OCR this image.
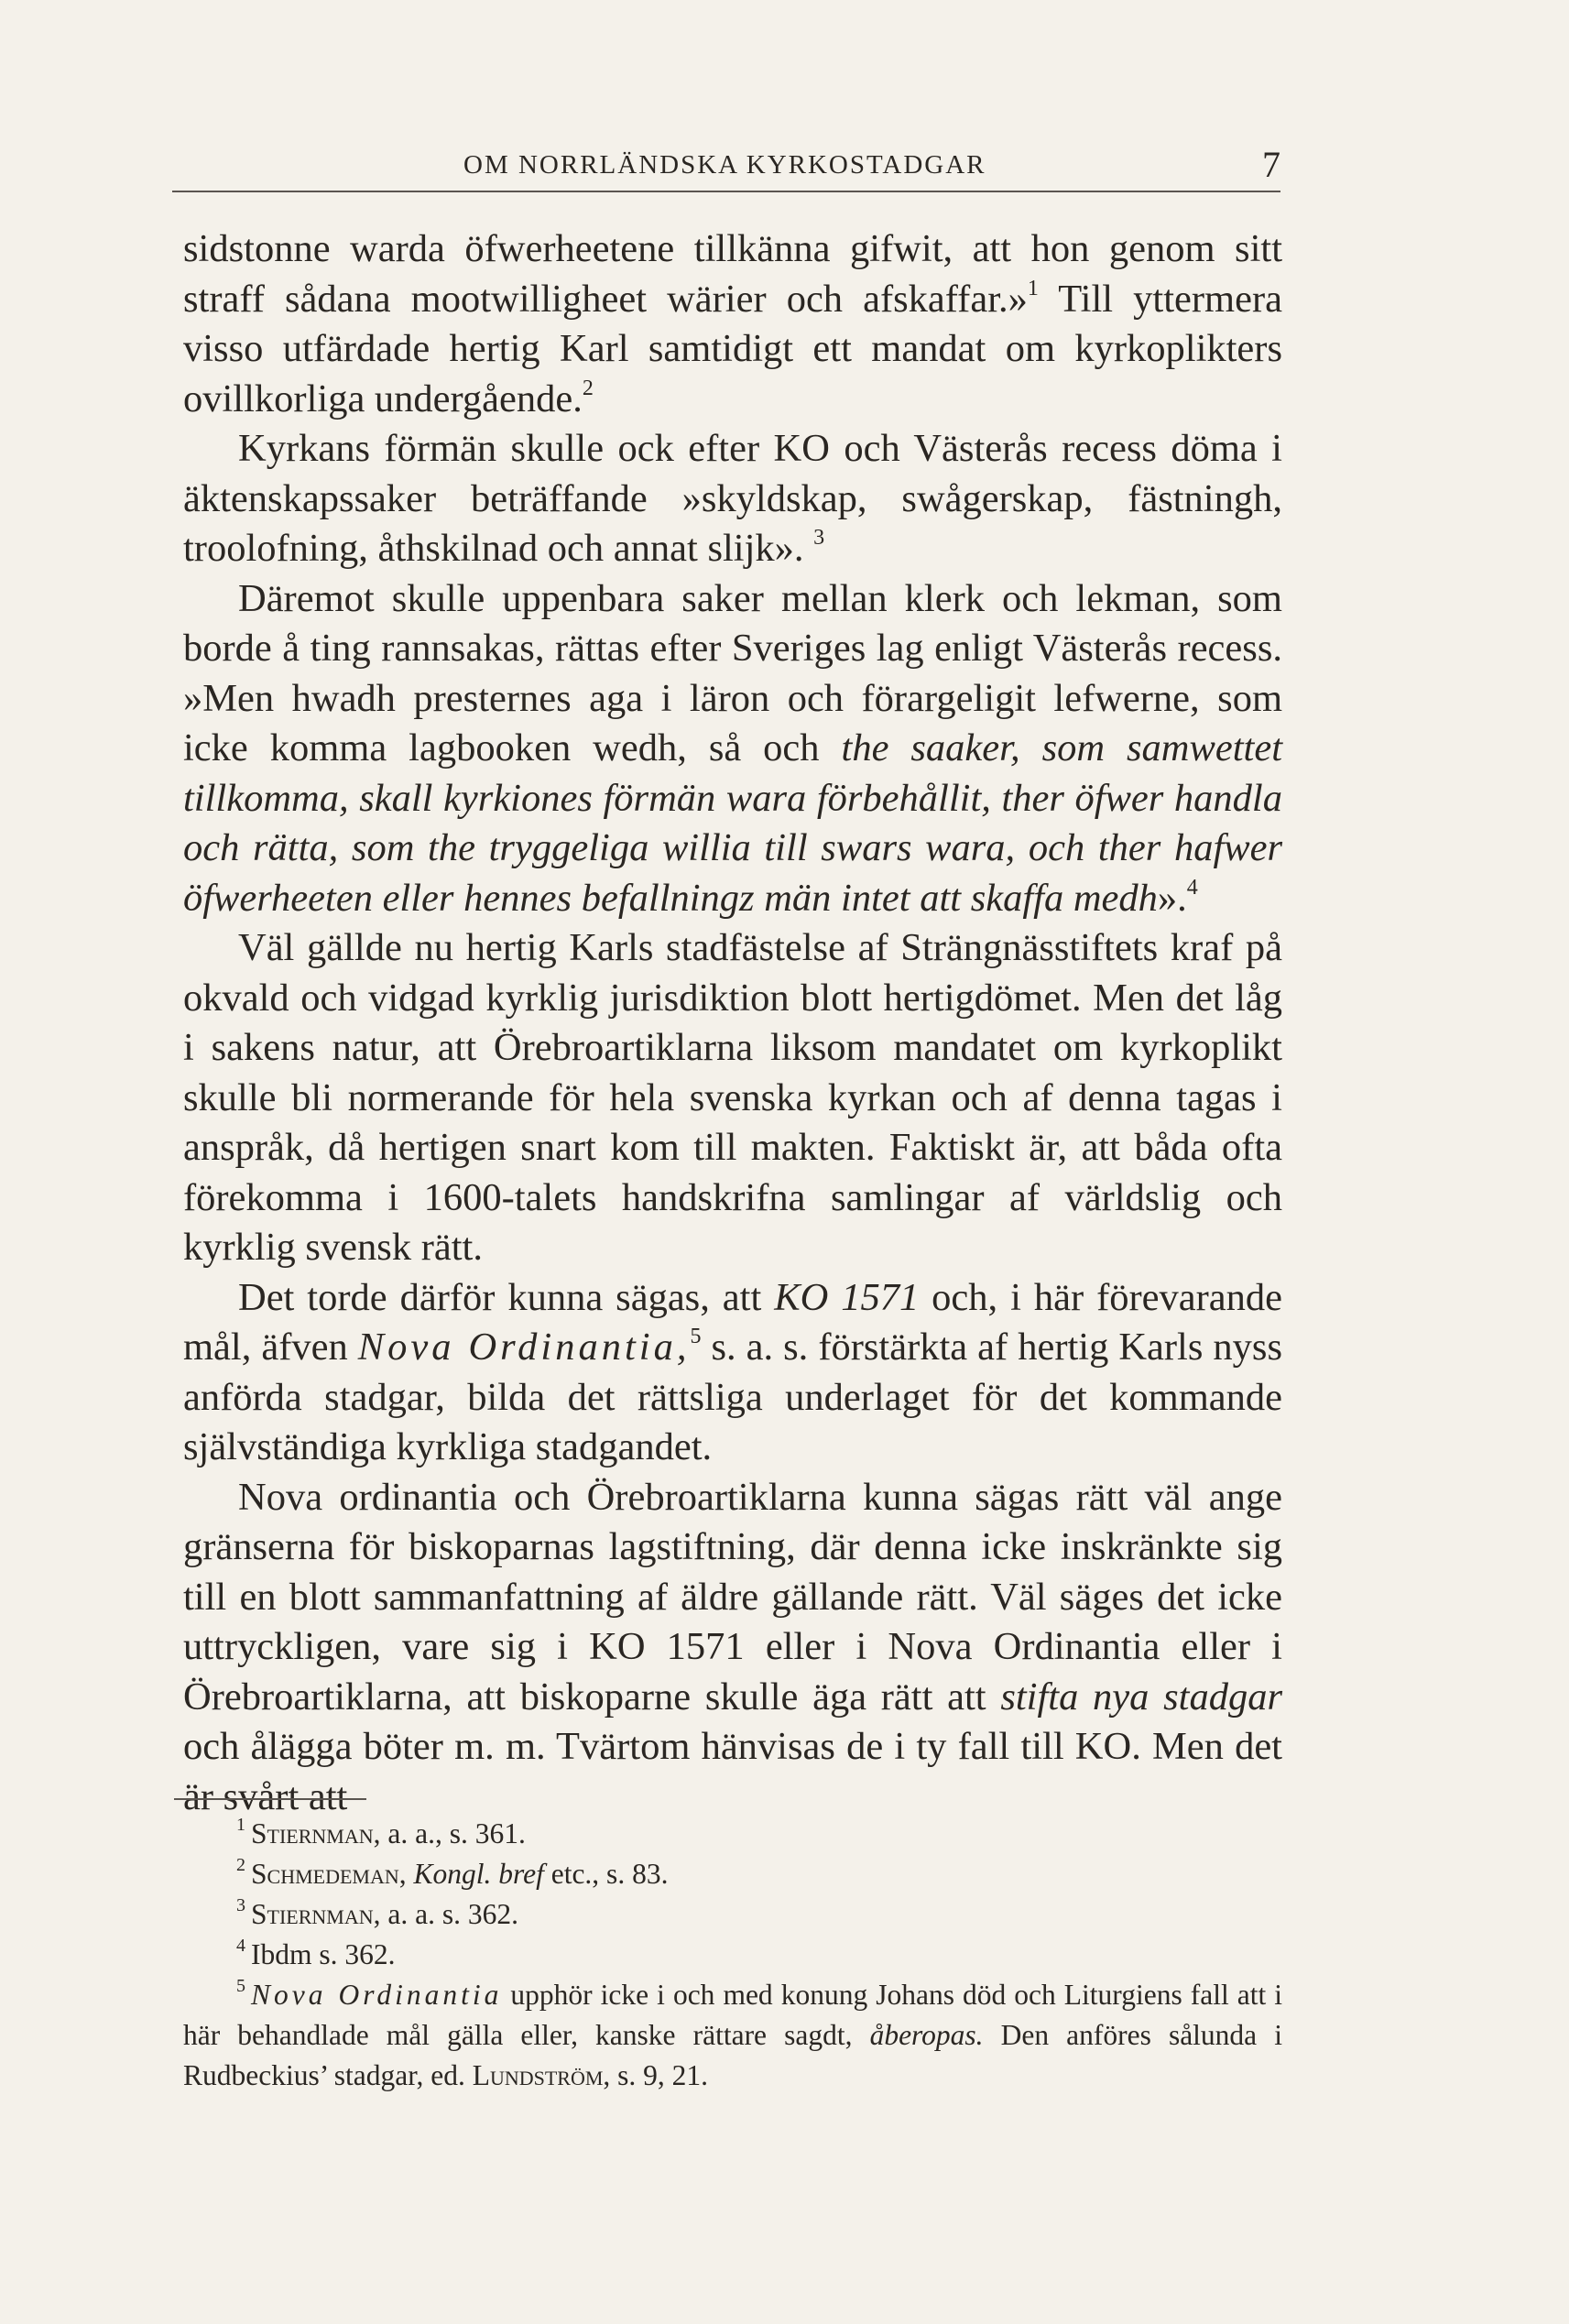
OM NORRLÄNDSKA KYRKOSTADGAR	7

sidstonne warda öfwerheetene tillkänna gifwit, att hon genom sitt straff sådana mootwilligheet wärier och afskaffar.»$^1$ Till yttermera visso utfärdade hertig Karl samtidigt ett mandat om kyrkoplikters ovillkorliga undergående.$^2$

Kyrkans förmän skulle ock efter KO och Västerås recess döma i äktenskapssaker beträffande »skyldskap, swågerskap, fästningh, troolofning, åthskilnad och annat slijk». $^3$

Däremot skulle uppenbara saker mellan klerk och lekman, som borde å ting rannsakas, rättas efter Sveriges lag enligt Västerås recess. »Men hwadh presternes aga i läron och förargeligit lefwerne, som icke komma lagbooken wedh, så och the saaker, som samwettet tillkomma, skall kyrkiones förmän wara förbehållit, ther öfwer handla och rätta, som the tryggeliga willia till swars wara, och ther hafwer öfwerheeten eller hennes befallningz män intet att skaffa medh».$^4$

Väl gällde nu hertig Karls stadfästelse af Strängnässtiftets kraf på okvald och vidgad kyrklig jurisdiktion blott hertigdömet. Men det låg i sakens natur, att Örebroartiklarna liksom mandatet om kyrkoplikt skulle bli normerande för hela svenska kyrkan och af denna tagas i anspråk, då hertigen snart kom till makten. Faktiskt är, att båda ofta förekomma i 1600-talets handskrifna samlingar af världslig och kyrklig svensk rätt.

Det torde därför kunna sägas, att KO 1571 och, i här förevarande mål, äfven Nova Ordinantia,$^5$ s. a. s. förstärkta af hertig Karls nyss anförda stadgar, bilda det rättsliga underlaget för det kommande självständiga kyrkliga stadgandet.

Nova ordinantia och Örebroartiklarna kunna sägas rätt väl ange gränserna för biskoparnas lagstiftning, där denna icke inskränkte sig till en blott sammanfattning af äldre gällande rätt. Väl säges det icke uttryckligen, vare sig i KO 1571 eller i Nova Ordinantia eller i Örebroartiklarna, att biskoparne skulle äga rätt att stifta nya stadgar och ålägga böter m. m. Tvärtom hänvisas de i ty fall till KO. Men det är svårt att

$^1$ Stiernman, a. a., s. 361.

$^2$ Schmedeman, Kongl. bref etc., s. 83.

$^3$ Stiernman, a. a. s. 362.

$^4$ Ibdm s. 362.

$^5$ Nova Ordinantia upphör icke i och med konung Johans död och Liturgiens fall att i här behandlade mål gälla eller, kanske rättare sagdt, åberopas. Den anföres sålunda i Rudbeckius’ stadgar, ed. Lundström, s. 9, 21.
